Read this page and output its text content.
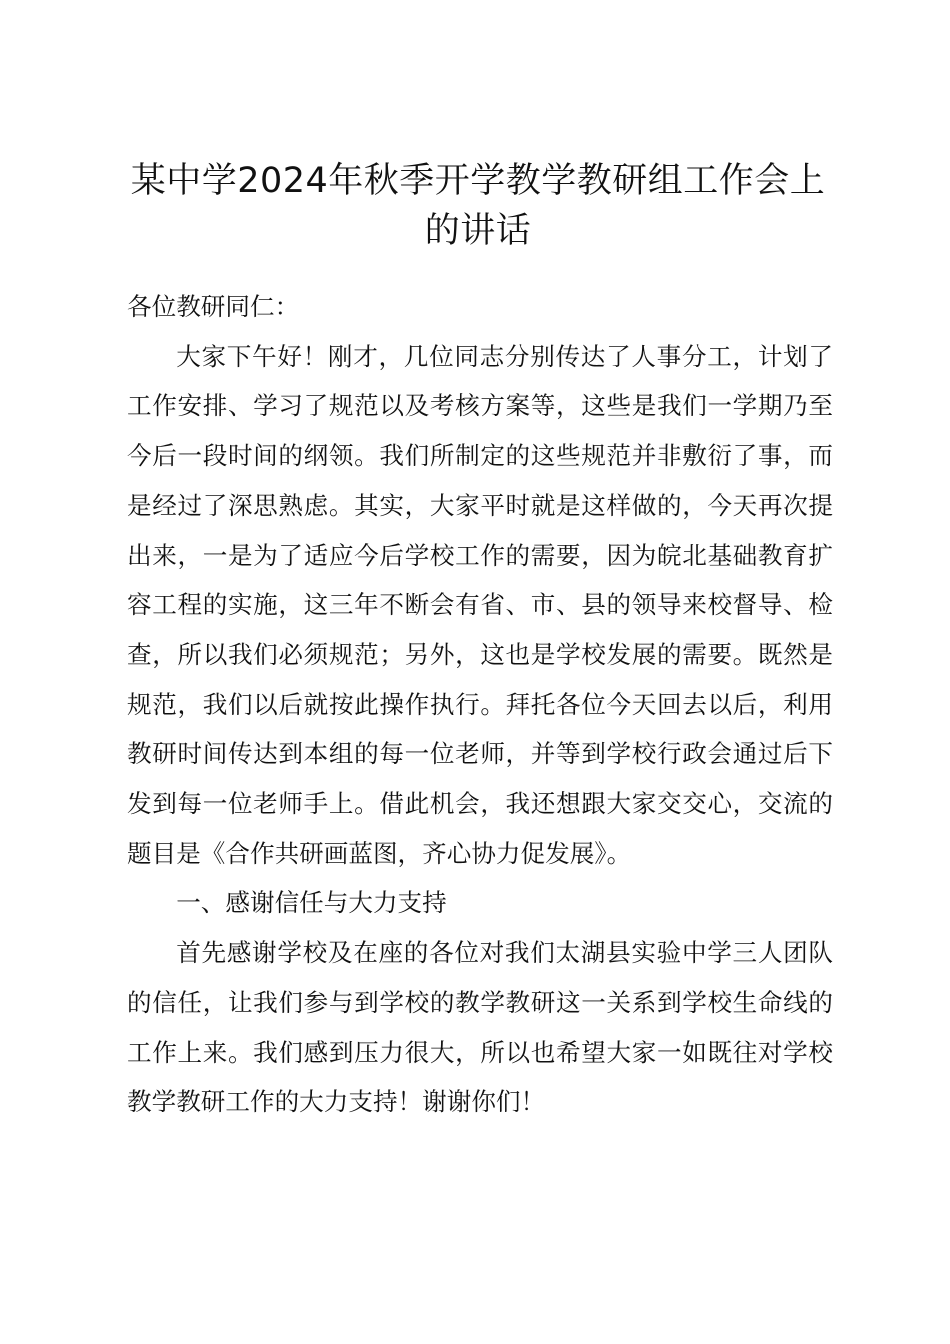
某中学2024年秋季开学教学教研组工作会上的讲话

各位教研同仁：

大家下午好！刚才，几位同志分别传达了人事分工，计划了工作安排、学习了规范以及考核方案等，这些是我们一学期乃至今后一段时间的纲领。我们所制定的这些规范并非敷衍了事，而是经过了深思熟虑。其实，大家平时就是这样做的，今天再次提出来，一是为了适应今后学校工作的需要，因为皖北基础教育扩容工程的实施，这三年不断会有省、市、县的领导来校督导、检查，所以我们必须规范；另外，这也是学校发展的需要。既然是规范，我们以后就按此操作执行。拜托各位今天回去以后，利用教研时间传达到本组的每一位老师，并等到学校行政会通过后下发到每一位老师手上。借此机会，我还想跟大家交交心，交流的题目是《合作共研画蓝图，齐心协力促发展》。

一、感谢信任与大力支持

首先感谢学校及在座的各位对我们太湖县实验中学三人团队的信任，让我们参与到学校的教学教研这一关系到学校生命线的工作上来。我们感到压力很大，所以也希望大家一如既往对学校教学教研工作的大力支持！谢谢你们！
